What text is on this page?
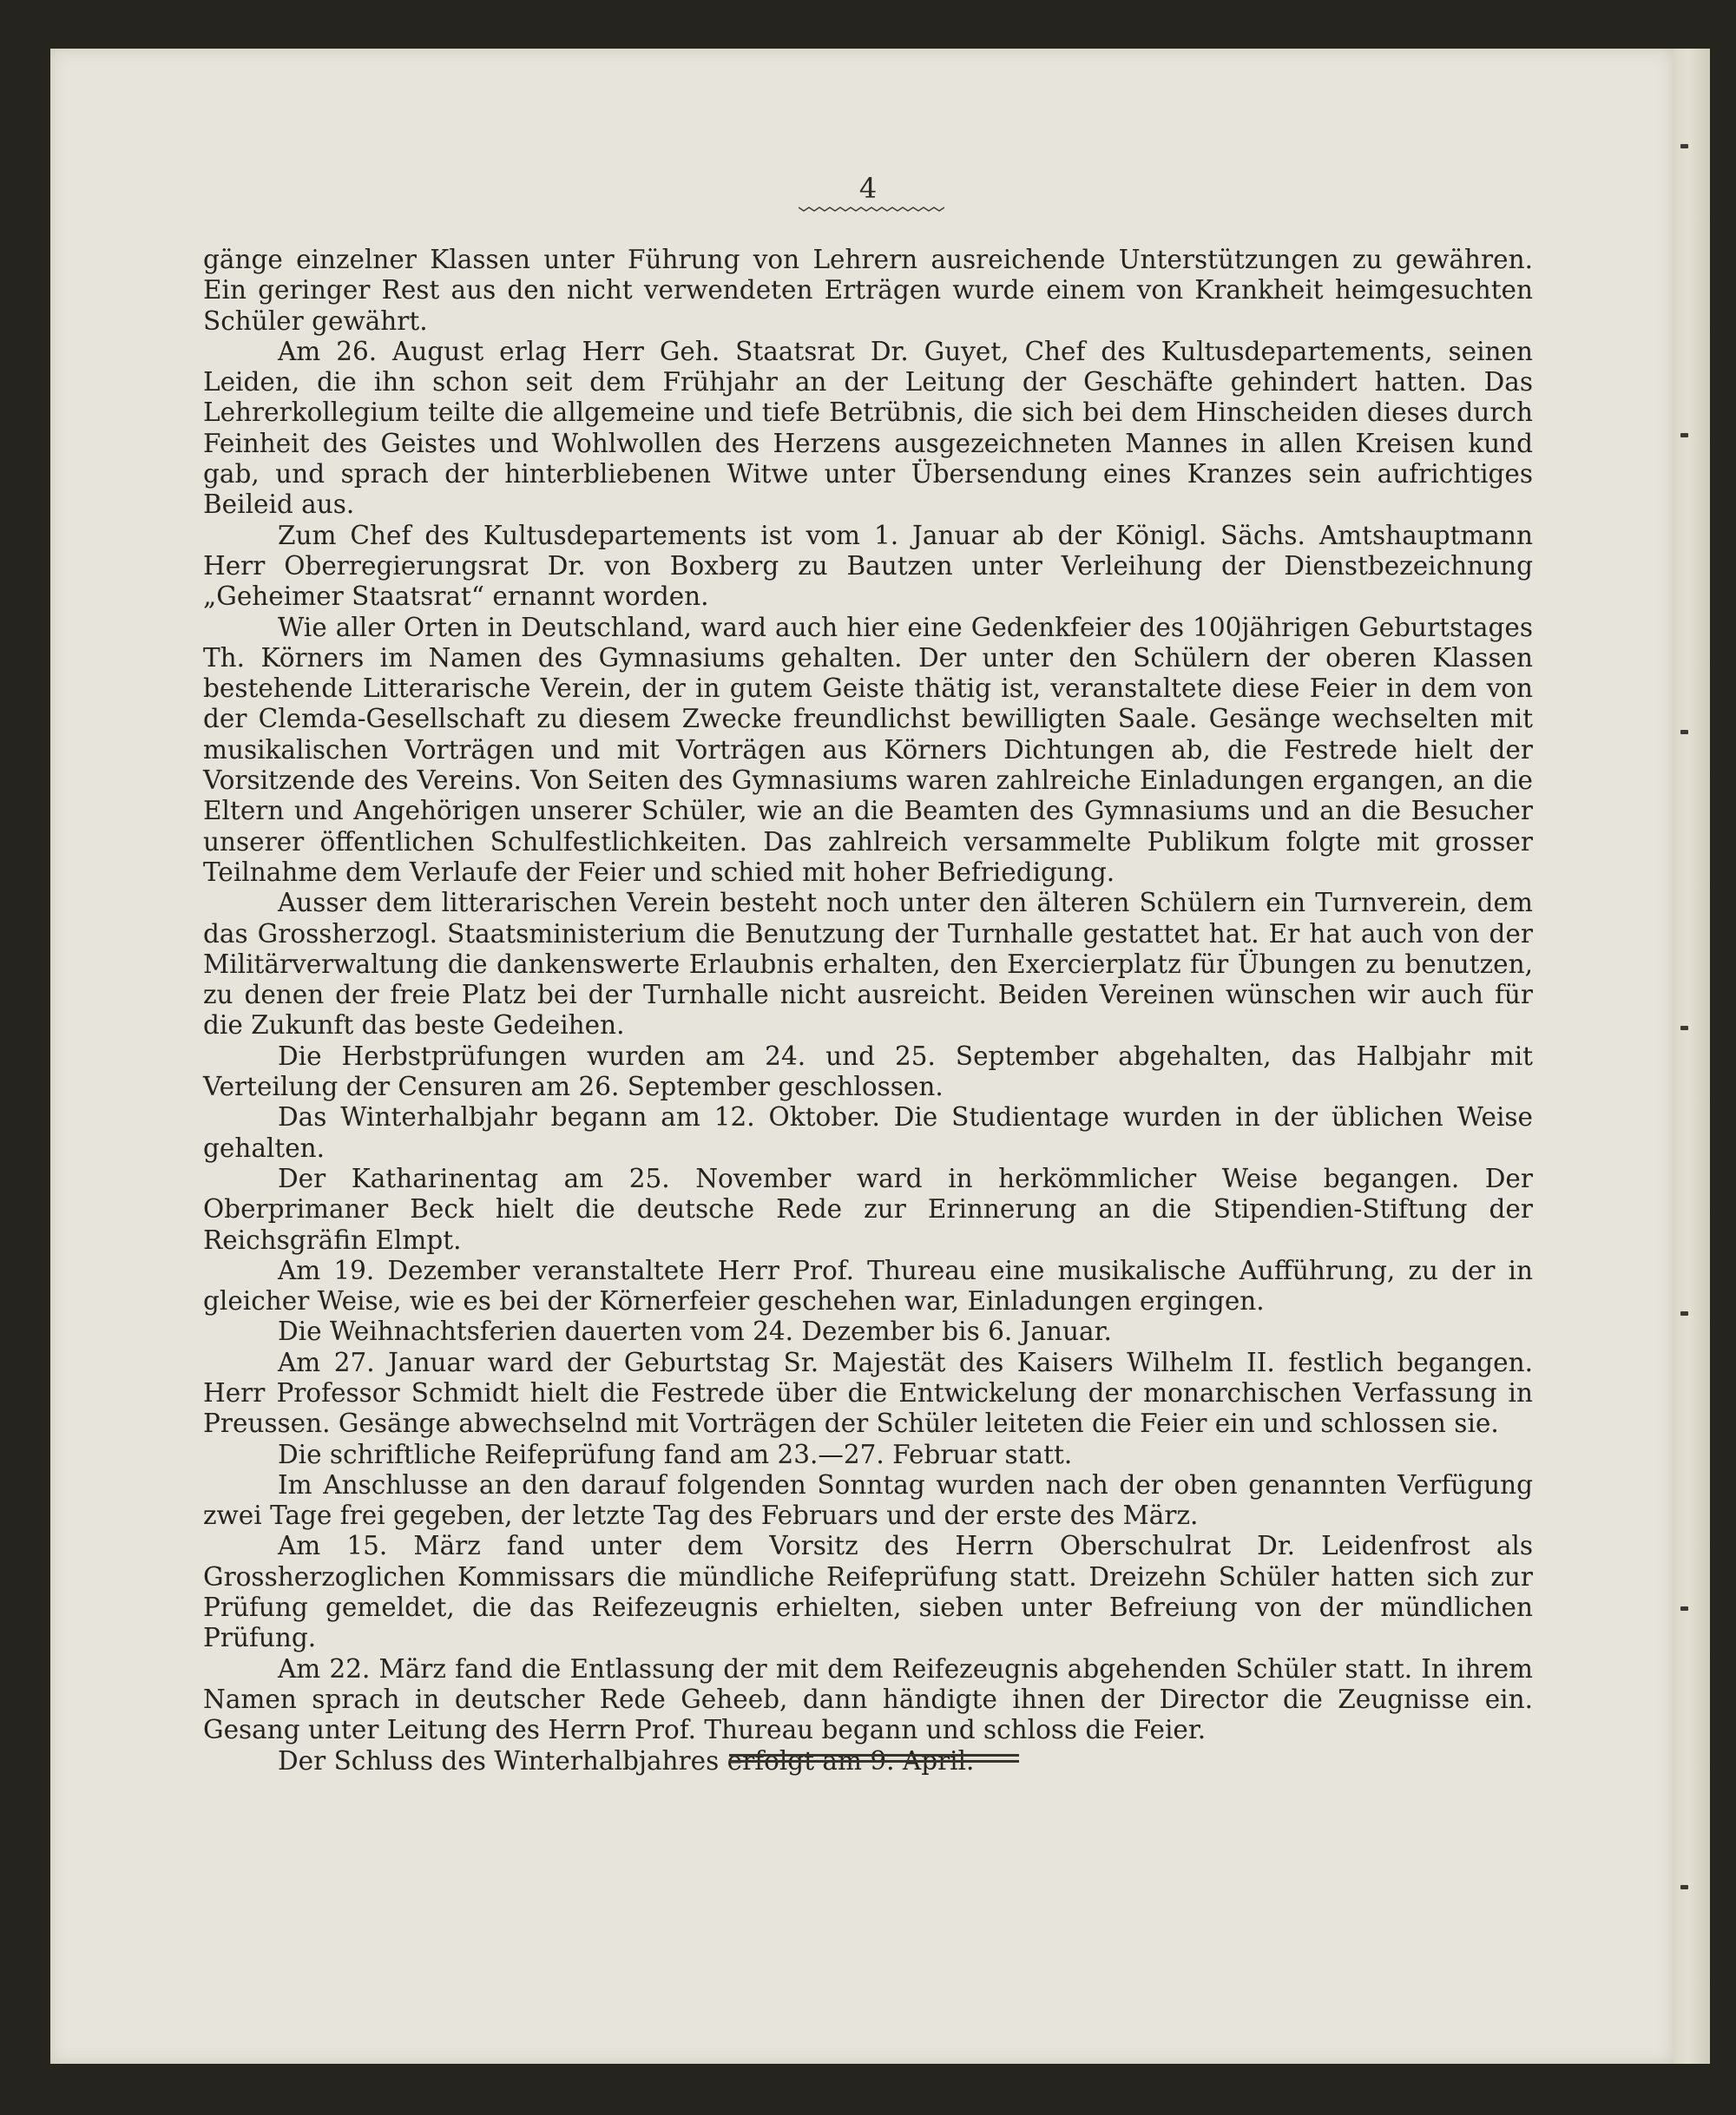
4

gänge einzelner Klassen unter Führung von Lehrern ausreichende Unterstützungen zu gewähren. Ein geringer Rest aus den nicht verwendeten Erträgen wurde einem von Krankheit heimgesuchten Schüler gewährt.

Am 26. August erlag Herr Geh. Staatsrat Dr. Guyet, Chef des Kultusdepartements, seinen Leiden, die ihn schon seit dem Frühjahr an der Leitung der Geschäfte gehindert hatten. Das Lehrerkollegium teilte die allgemeine und tiefe Betrübnis, die sich bei dem Hinscheiden dieses durch Feinheit des Geistes und Wohlwollen des Herzens ausgezeichneten Mannes in allen Kreisen kund gab, und sprach der hinterbliebenen Witwe unter Übersendung eines Kranzes sein aufrichtiges Beileid aus.

Zum Chef des Kultusdepartements ist vom 1. Januar ab der Königl. Sächs. Amtshauptmann Herr Oberregierungsrat Dr. von Boxberg zu Bautzen unter Verleihung der Dienstbezeichnung „Geheimer Staatsrat“ ernannt worden.

Wie aller Orten in Deutschland, ward auch hier eine Gedenkfeier des 100jährigen Geburtstages Th. Körners im Namen des Gymnasiums gehalten. Der unter den Schülern der oberen Klassen bestehende Litterarische Verein, der in gutem Geiste thätig ist, veranstaltete diese Feier in dem von der Clemda-Gesellschaft zu diesem Zwecke freundlichst bewilligten Saale. Gesänge wechselten mit musikalischen Vorträgen und mit Vorträgen aus Körners Dichtungen ab, die Festrede hielt der Vorsitzende des Vereins. Von Seiten des Gymnasiums waren zahlreiche Einladungen ergangen, an die Eltern und Angehörigen unserer Schüler, wie an die Beamten des Gymnasiums und an die Besucher unserer öffentlichen Schulfestlichkeiten. Das zahlreich versammelte Publikum folgte mit grosser Teilnahme dem Verlaufe der Feier und schied mit hoher Befriedigung.

Ausser dem litterarischen Verein besteht noch unter den älteren Schülern ein Turnverein, dem das Grossherzogl. Staatsministerium die Benutzung der Turnhalle gestattet hat. Er hat auch von der Militärverwaltung die dankenswerte Erlaubnis erhalten, den Exercierplatz für Übungen zu benutzen, zu denen der freie Platz bei der Turnhalle nicht ausreicht. Beiden Vereinen wünschen wir auch für die Zukunft das beste Gedeihen.

Die Herbstprüfungen wurden am 24. und 25. September abgehalten, das Halbjahr mit Verteilung der Censuren am 26. September geschlossen.

Das Winterhalbjahr begann am 12. Oktober. Die Studientage wurden in der üblichen Weise gehalten.

Der Katharinentag am 25. November ward in herkömmlicher Weise begangen. Der Oberprimaner Beck hielt die deutsche Rede zur Erinnerung an die Stipendien-Stiftung der Reichsgräfin Elmpt.

Am 19. Dezember veranstaltete Herr Prof. Thureau eine musikalische Aufführung, zu der in gleicher Weise, wie es bei der Körnerfeier geschehen war, Einladungen ergingen.

Die Weihnachtsferien dauerten vom 24. Dezember bis 6. Januar.

Am 27. Januar ward der Geburtstag Sr. Majestät des Kaisers Wilhelm II. festlich begangen. Herr Professor Schmidt hielt die Festrede über die Entwickelung der monarchischen Verfassung in Preussen. Gesänge abwechselnd mit Vorträgen der Schüler leiteten die Feier ein und schlossen sie.

Die schriftliche Reifeprüfung fand am 23.—27. Februar statt.

Im Anschlusse an den darauf folgenden Sonntag wurden nach der oben genannten Verfügung zwei Tage frei gegeben, der letzte Tag des Februars und der erste des März.

Am 15. März fand unter dem Vorsitz des Herrn Oberschulrat Dr. Leidenfrost als Grossherzoglichen Kommissars die mündliche Reifeprüfung statt. Dreizehn Schüler hatten sich zur Prüfung gemeldet, die das Reifezeugnis erhielten, sieben unter Befreiung von der mündlichen Prüfung.

Am 22. März fand die Entlassung der mit dem Reifezeugnis abgehenden Schüler statt. In ihrem Namen sprach in deutscher Rede Geheeb, dann händigte ihnen der Director die Zeugnisse ein. Gesang unter Leitung des Herrn Prof. Thureau begann und schloss die Feier.

Der Schluss des Winterhalbjahres erfolgt am 9. April.
